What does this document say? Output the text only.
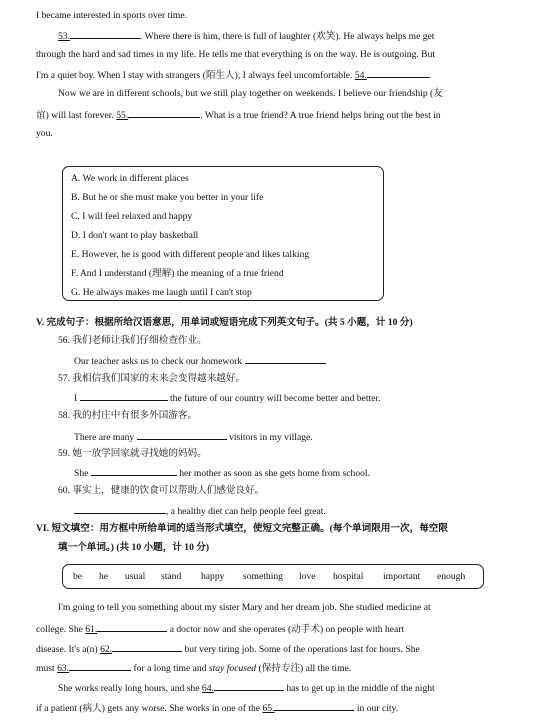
I became interested in sports over time.
53.	. Where there is him, there is full of laughter (欢笑). He always helps me get
through the hard and sad times in my life. He tells me that everything is on the way. He is outgoing. But
I'm a quiet boy. When I stay with strangers (陌生人), I always feel uncomfortable. 54.	.
Now we are in different schools, but we still play together on weekends. I believe our friendship (友
谊) will last forever. 55.	. What is a true friend? A true friend helps bring out the best in
you.
A. We work in different places
B. But he or she must make you better in your life
C. I will feel relaxed and happy
D. I don't want to play basketball
E. However, he is good with different people and likes talking
F. And I understand (理解) the meaning of a true friend
G. He always makes me laugh until I can't stop
V. 完成句子：根据所给汉语意思，用单词或短语完成下列英文句子。(共 5 小题，计 10 分)
56. 我们老师让我们仔细检查作业。
Our teacher asks us to check our homework	.
57. 我相信我们国家的未来会变得越来越好。
I	the future of our country will become better and better.
58. 我的村庄中有很多外国游客。
There are many	visitors in my village.
59. 她一放学回家就寻找她的妈妈。
She	her mother as soon as she gets home from school.
60. 事实上，健康的饮食可以帮助人们感觉良好。
, a healthy diet can help people feel great.
VI. 短文填空：用方框中所给单词的适当形式填空，使短文完整正确。(每个单词限用一次，每空限
填一个单词。) (共 10 小题，计 10 分)
be he usual stand happy something love hospital important enough
I'm going to tell you something about my sister Mary and her dream job. She studied medicine at
college. She 61.	a doctor now and she operates (动手术) on people with heart
disease. It's a(n) 62.	but very tiring job. Some of the operations last for hours. She
must 63.	for a long time and stay focused (保持专注) all the time.
She works really long hours, and she 64.	has to get up in the middle of the night
if a patient (病人) gets any worse. She works in one of the 65.	in our city.
